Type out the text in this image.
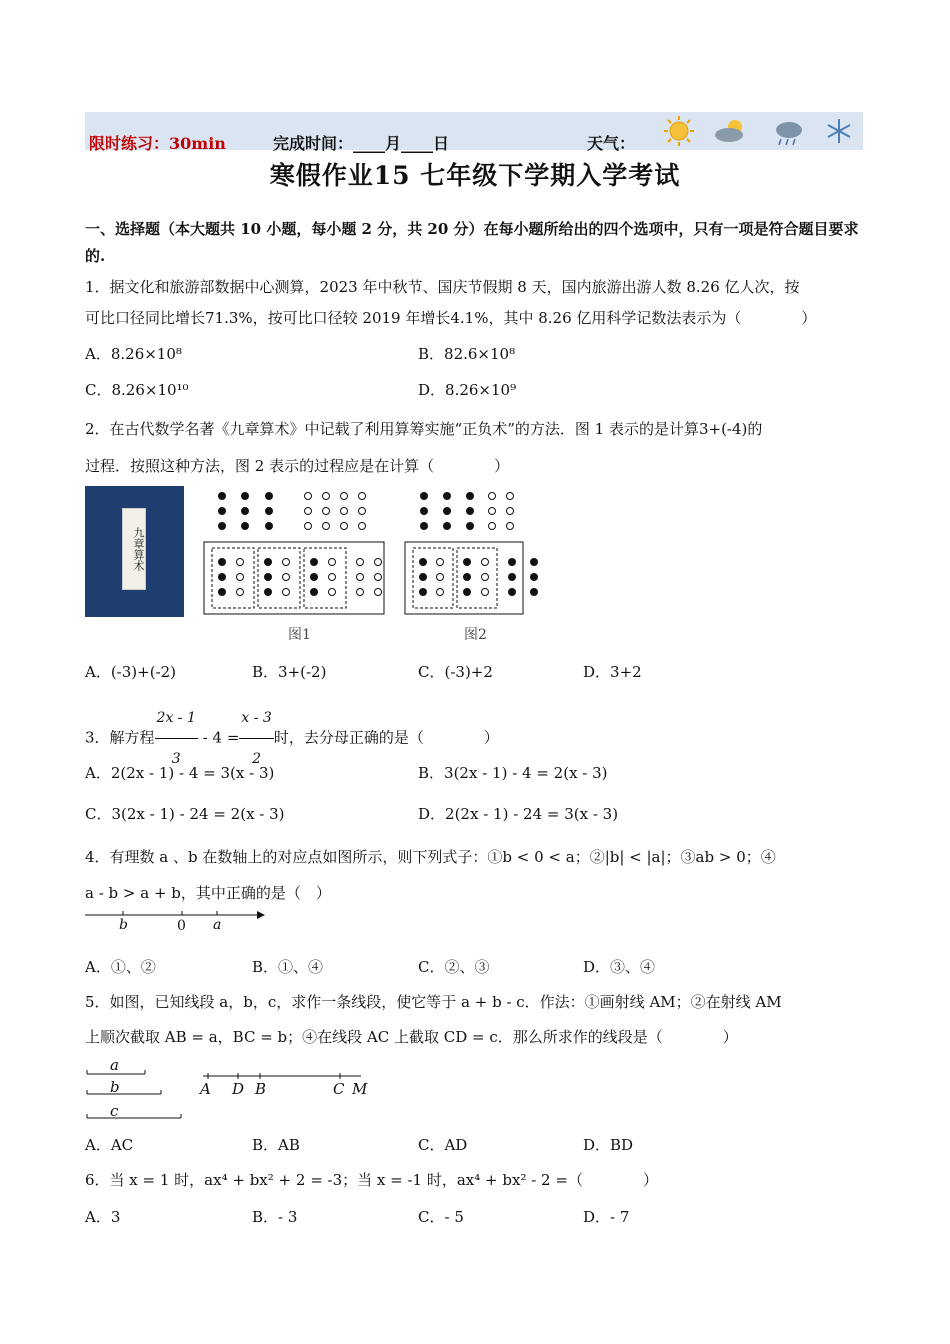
限时练习：30min	完成时间：____月____日	天气：
寒假作业15 七年级下学期入学考试
一、选择题（本大题共 10 小题，每小题 2 分，共 20 分）在每小题所给出的四个选项中，只有一项是符合题目要求的.
1．据文化和旅游部数据中心测算，2023 年中秋节、国庆节假期 8 天，国内旅游出游人数 8.26 亿人次，按
可比口径同比增长71.3%，按可比口径较 2019 年增长4.1%，其中 8.26 亿用科学记数法表示为（　　　　）
A．8.26×10⁸	B．82.6×10⁸
C．8.26×10¹⁰	D．8.26×10⁹
2．在古代数学名著《九章算术》中记载了利用算筹实施“正负术”的方法．图 1 表示的是计算3+(-4)的
过程．按照这种方法，图 2 表示的过程应是在计算（　　　　）
九章算术
图1	图2
A．(-3)+(-2)	B．3+(-2)	C．(-3)+2	D．3+2
3．解方程 $\frac{2x - 1}{3} - 4 = \frac{x - 3}{2}$ 时，去分母正确的是（　　　　）
A．2(2x - 1) - 4 = 3(x - 3)	B．3(2x - 1) - 4 = 2(x - 3)
C．3(2x - 1) - 24 = 2(x - 3)	D．2(2x - 1) - 24 = 3(x - 3)
4．有理数 a 、b 在数轴上的对应点如图所示，则下列式子：①b < 0 < a；②|b| < |a|；③ab > 0；④
a - b > a + b，其中正确的是（　）
b	0 a
A．①、②	B．①、④	C．②、③	D．③、④
5．如图，已知线段 a，b，c，求作一条线段，使它等于 a + b - c．作法：①画射线 AM；②在射线 AM
上顺次截取 AB = a，BC = b；④在线段 AC 上截取 CD = c．那么所求作的线段是（　　　　）
a
b
c
A D B	C M
A．AC	B．AB	C．AD	D．BD
6．当 x = 1 时，ax⁴ + bx² + 2 = -3；当 x = -1 时，ax⁴ + bx² - 2 =（　　　　）
A．3	B．- 3	C．- 5	D．- 7
